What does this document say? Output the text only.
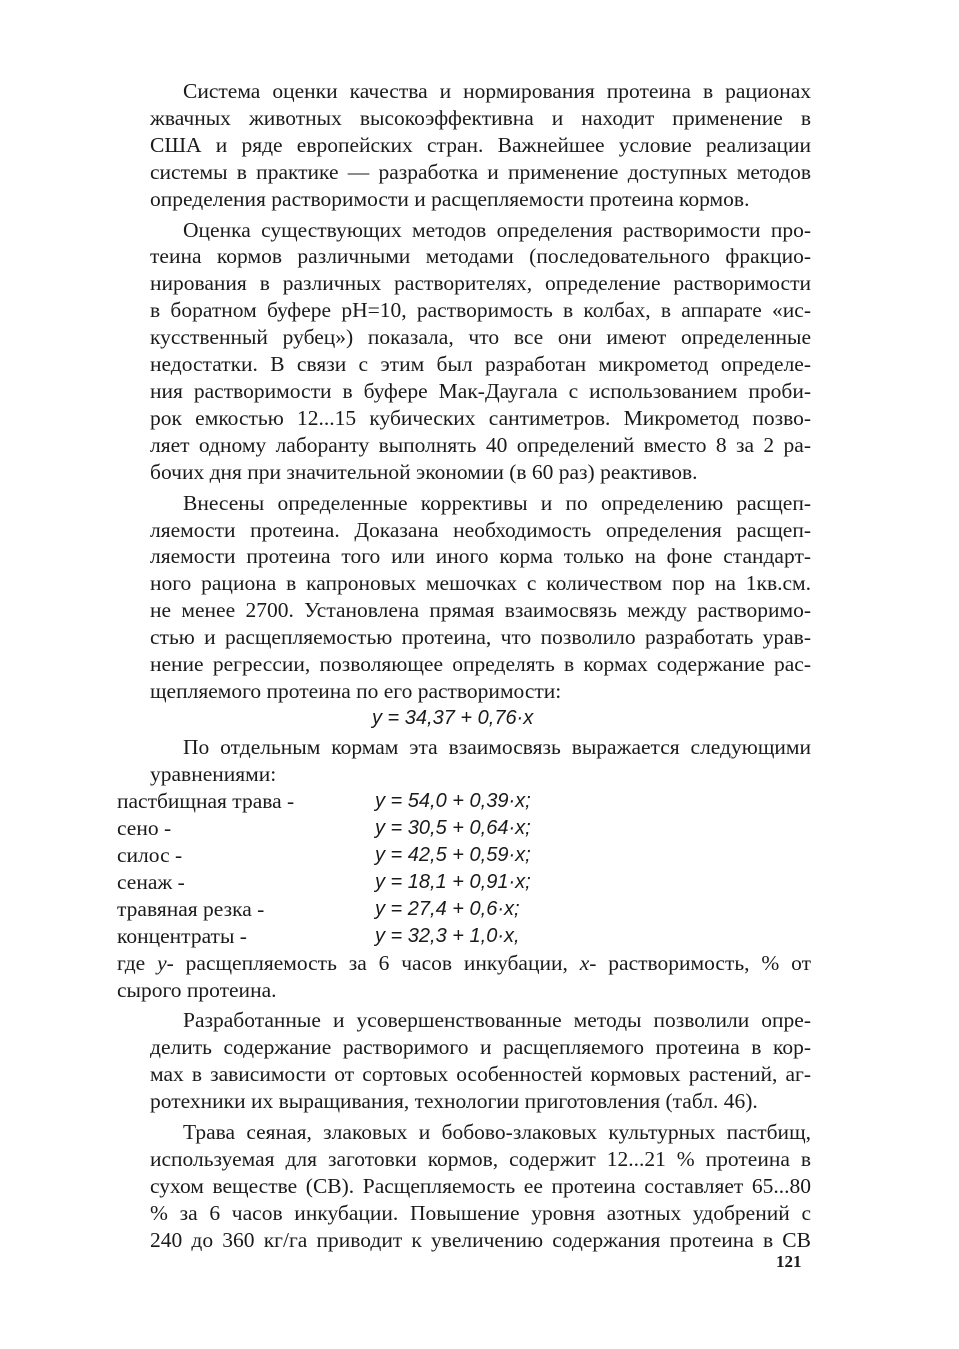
Система оценки качества и нормирования протеина в рационах
жвачных животных высокоэффективна и находит применение в
США и ряде европейских стран. Важнейшее условие реализации
системы в практике — разработка и применение доступных методов
определения растворимости и расщепляемости протеина кормов.
Оценка существующих методов определения растворимости про-
теина кормов различными методами (последовательного фракцио-
нирования в различных растворителях, определение растворимости
в боратном буфере pH=10, растворимость в колбах, в аппарате «ис-
кусственный рубец») показала, что все они имеют определенные
недостатки. В связи с этим был разработан микрометод определе-
ния растворимости в буфере Мак-Даугала с использованием проби-
рок емкостью 12...15 кубических сантиметров. Микрометод позво-
ляет одному лаборанту выполнять 40 определений вместо 8 за 2 ра-
бочих дня при значительной экономии (в 60 раз) реактивов.
Внесены определенные коррективы и по определению расщеп-
ляемости протеина. Доказана необходимость определения расщеп-
ляемости протеина того или иного корма только на фоне стандарт-
ного рациона в капроновых мешочках с количеством пор на 1кв.см.
не менее 2700. Установлена прямая взаимосвязь между растворимо-
стью и расщепляемостью протеина, что позволило разработать урав-
нение регрессии, позволяющее определять в кормах содержание рас-
щепляемого протеина по его растворимости:
y = 34,37 + 0,76·x
По отдельным кормам эта взаимосвязь выражается следующими
уравнениями:
пастбищная трава -	y = 54,0 + 0,39·x;
сено -	y = 30,5 + 0,64·x;
силос -	y = 42,5 + 0,59·x;
сенаж -	y = 18,1 + 0,91·x;
травяная резка -	y = 27,4 + 0,6·x;
концентраты -	y = 32,3 + 1,0·x,
где y- расщепляемость за 6 часов инкубации, x- растворимость, % от
сырого протеина.
Разработанные и усовершенствованные методы позволили опре-
делить содержание растворимого и расщепляемого протеина в кор-
мах в зависимости от сортовых особенностей кормовых растений, аг-
ротехники их выращивания, технологии приготовления (табл. 46).
Трава сеяная, злаковых и бобово-злаковых культурных пастбищ,
используемая для заготовки кормов, содержит 12...21 % протеина в
сухом веществе (СВ). Расщепляемость ее протеина составляет 65...80
% за 6 часов инкубации. Повышение уровня азотных удобрений с
240 до 360 кг/га приводит к увеличению содержания протеина в СВ
121
